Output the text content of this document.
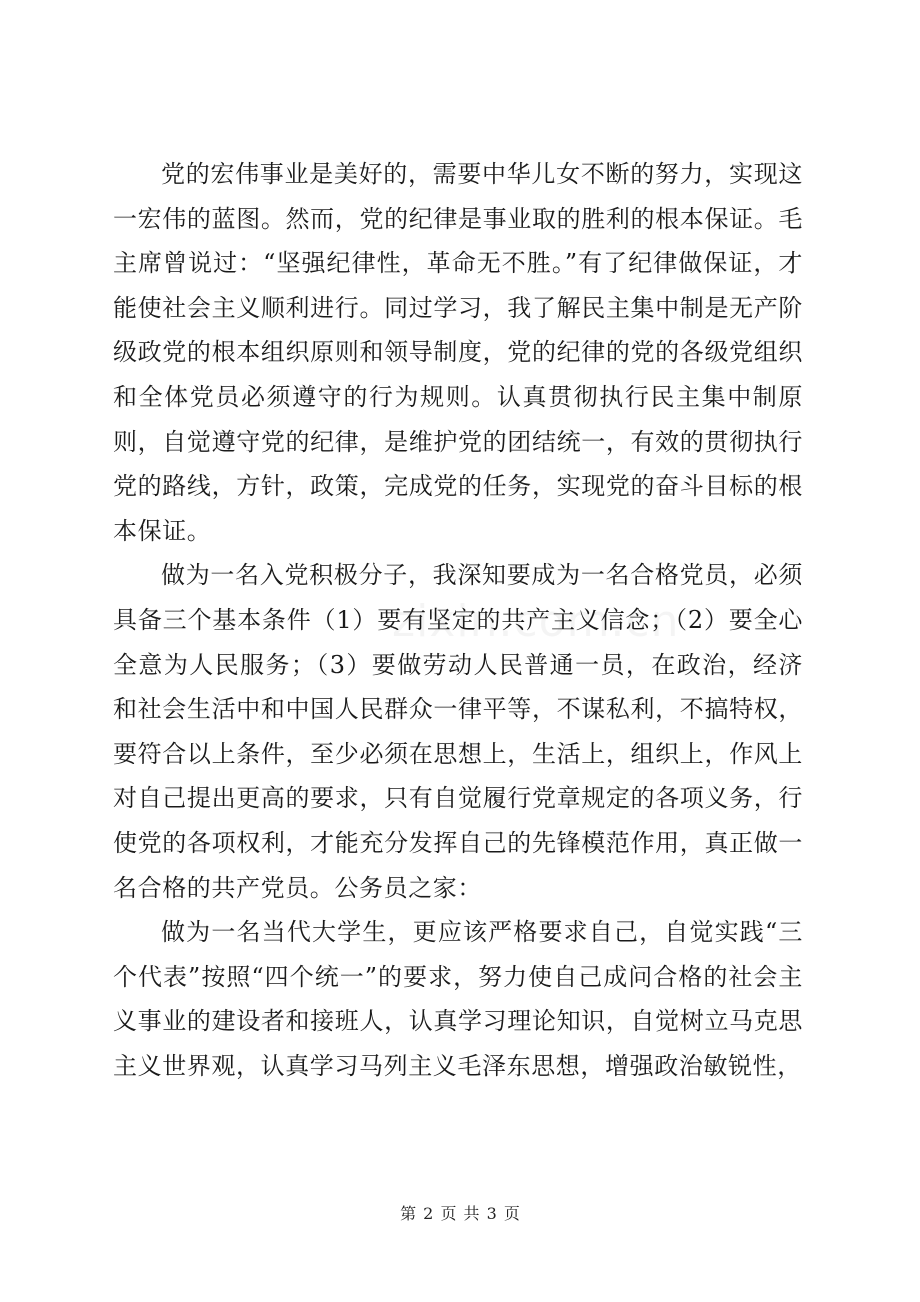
党的宏伟事业是美好的，需要中华儿女不断的努力，实现这一宏伟的蓝图。然而，党的纪律是事业取的胜利的根本保证。毛主席曾说过：“坚强纪律性，革命无不胜。”有了纪律做保证，才能使社会主义顺利进行。同过学习，我了解民主集中制是无产阶级政党的根本组织原则和领导制度，党的纪律的党的各级党组织和全体党员必须遵守的行为规则。认真贯彻执行民主集中制原则，自觉遵守党的纪律，是维护党的团结统一，有效的贯彻执行党的路线，方针，政策，完成党的任务，实现党的奋斗目标的根本保证。

做为一名入党积极分子，我深知要成为一名合格党员，必须具备三个基本条件（1）要有坚定的共产主义信念；（2）要全心全意为人民服务；（3）要做劳动人民普通一员，在政治，经济和社会生活中和中国人民群众一律平等，不谋私利，不搞特权，要符合以上条件，至少必须在思想上，生活上，组织上，作风上对自己提出更高的要求，只有自觉履行党章规定的各项义务，行使党的各项权利，才能充分发挥自己的先锋模范作用，真正做一名合格的共产党员。公务员之家：

做为一名当代大学生，更应该严格要求自己，自觉实践“三个代表”按照“四个统一”的要求，努力使自己成问合格的社会主义事业的建设者和接班人，认真学习理论知识，自觉树立马克思主义世界观，认真学习马列主义毛泽东思想，增强政治敏锐性，

第 2 页 共 3 页
